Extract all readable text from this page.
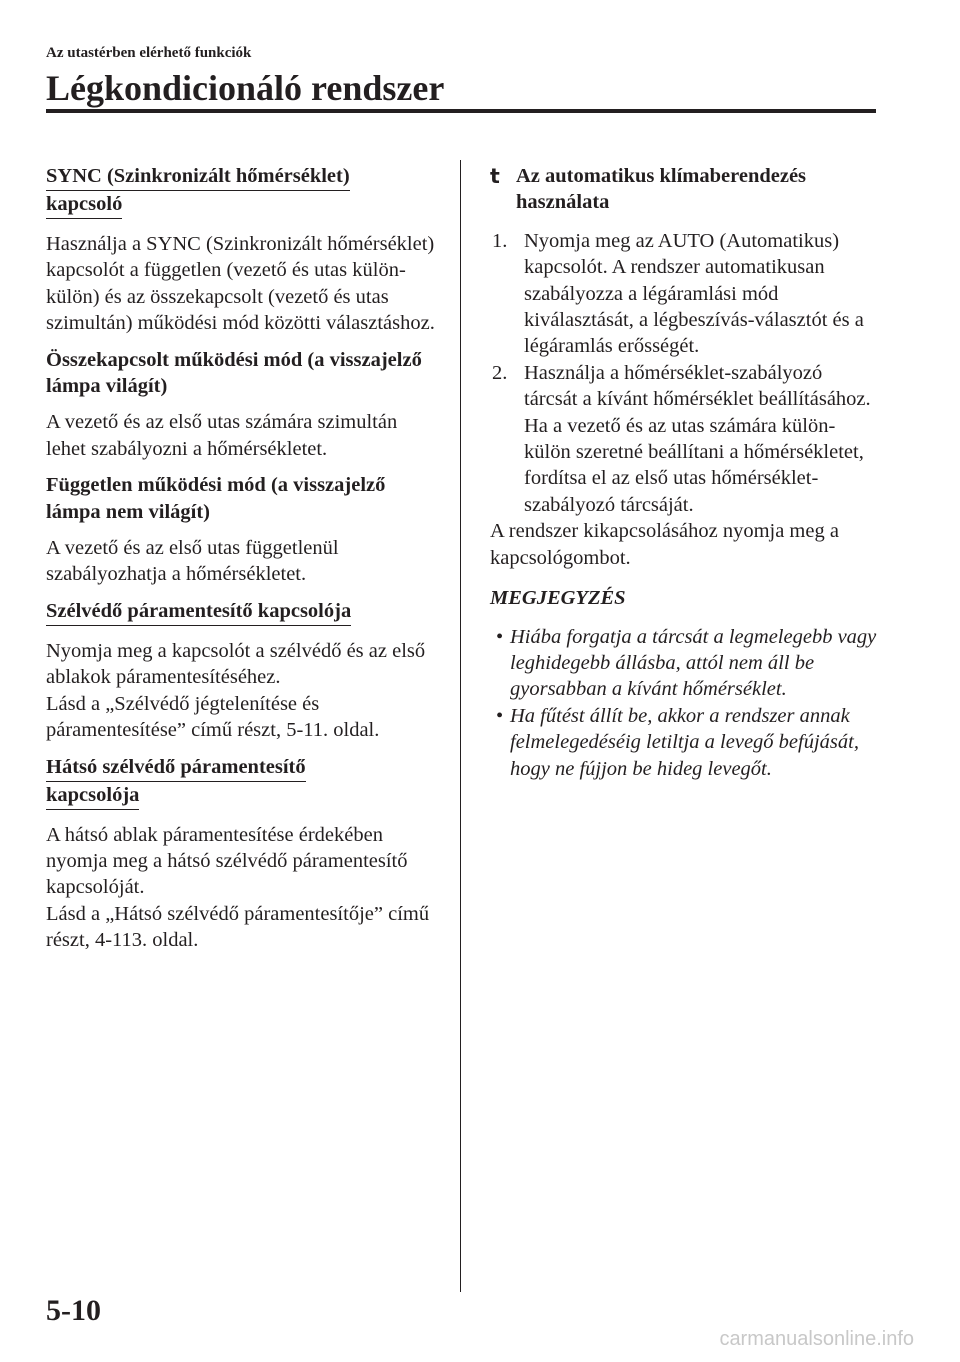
Az utastérben elérhető funkciók
Légkondicionáló rendszer
SYNC (Szinkronizált hőmérséklet)
kapcsoló

Használja a SYNC (Szinkronizált hőmérséklet) kapcsolót a független (vezető és utas külön-külön) és az összekapcsolt (vezető és utas szimultán) működési mód közötti választáshoz.

Összekapcsolt működési mód (a visszajelző lámpa világít)

A vezető és az első utas számára szimultán lehet szabályozni a hőmérsékletet.

Független működési mód (a visszajelző lámpa nem világít)

A vezető és az első utas függetlenül szabályozhatja a hőmérsékletet.

Szélvédő páramentesítő kapcsolója

Nyomja meg a kapcsolót a szélvédő és az első ablakok páramentesítéséhez.

Lásd a „Szélvédő jégtelenítése és páramentesítése” című részt, 5-11. oldal.

Hátsó szélvédő páramentesítő
kapcsolója

A hátsó ablak páramentesítése érdekében nyomja meg a hátsó szélvédő páramentesítő kapcsolóját.

Lásd a „Hátsó szélvédő páramentesítője” című részt, 4-113. oldal.

t Az automatikus klímaberendezés használata
1. Nyomja meg az AUTO (Automatikus) kapcsolót. A rendszer automatikusan szabályozza a légáramlási mód kiválasztását, a légbeszívás-választót és a légáramlás erősségét.
2. Használja a hőmérséklet-szabályozó tárcsát a kívánt hőmérséklet beállításához.
Ha a vezető és az utas számára külön-külön szeretné beállítani a hőmérsékletet, fordítsa el az első utas hőmérséklet-szabályozó tárcsáját.

A rendszer kikapcsolásához nyomja meg a kapcsológombot.

MEGJEGYZÉS
• Hiába forgatja a tárcsát a legmelegebb vagy leghidegebb állásba, attól nem áll be gyorsabban a kívánt hőmérséklet.
• Ha fűtést állít be, akkor a rendszer annak felmelegedéséig letiltja a levegő befújását, hogy ne fújjon be hideg levegőt.
5-10
carmanualsonline.info
